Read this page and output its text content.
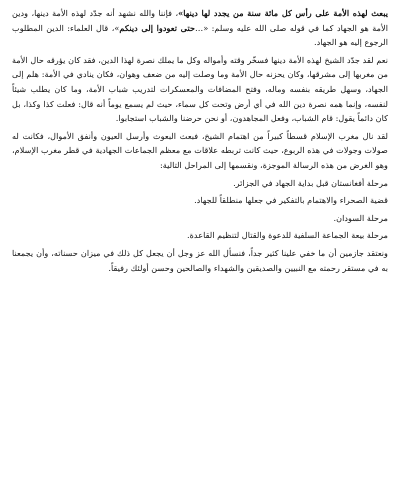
يبعث لهذه الأمة على رأس كل مائة سنة من يجدد لها دينها»، فإننا والله نشهد أنه جدّد لهذه الأمة دينها، ودين الأمة هو الجهاد كما في قوله صلى الله عليه وسلم: «…حتى تعودوا إلى دينكم»، قال العلماء: الدين المطلوب الرجوع إليه هو الجهاد.

نعم لقد جدّد الشيخ لهذه الأمة دينها فسخّر وقته وأمواله وكل ما يملك نصرة لهذا الدين، فقد كان يؤرقه حال الأمة من مغربها إلى مشرقها، وكان يحزنه حال الأمة وما وصلت إليه من ضعف وهوان، فكان ينادي في الأمة: هلم إلى الجهاد، وسهل طريقه بنفسه وماله، وفتح المضافات والمعسكرات لتدريب شباب الأمة، وما كان يطلب شيئاً لنفسه، وإنما همه نصرة دين الله في أي أرض وتحت كل سماء، حيث لم يسمع يوماً أنه قال: فعلت كذا وكذا، بل كان دائماً يقول: قام الشباب، وفعل المجاهدون، أو نحن حرضنا والشباب استجابوا.

لقد نال مغرب الإسلام قسطاً كبيراً من اهتمام الشيخ، فبعث البعوث وأرسل العيون وأنفق الأموال، فكانت له صولات وجولات في هذه الربوع، حيث كانت تربطه علاقات مع معظم الجماعات الجهادية في قطر مغرب الإسلام، وهو الغرض من هذه الرسالة الموجزة، ونقسمها إلى المراحل التالية:

مرحلة أفغانستان قبل بداية الجهاد في الجزائر.

قضية الصحراء والاهتمام بالتفكير في جعلها منطلقاً للجهاد.

مرحلة السودان.

مرحلة بيعة الجماعة السلفية للدعوة والقتال لتنظيم القاعدة.

ونعتقد جازمين أن ما خفي علينا كثير جداً، فنسأل الله عز وجل أن يجعل كل ذلك في ميزان حسناته، وأن يجمعنا به في مستقر رحمته مع النبيين والصديقين والشهداء والصالحين وحسن أولئك رفيقاً.
